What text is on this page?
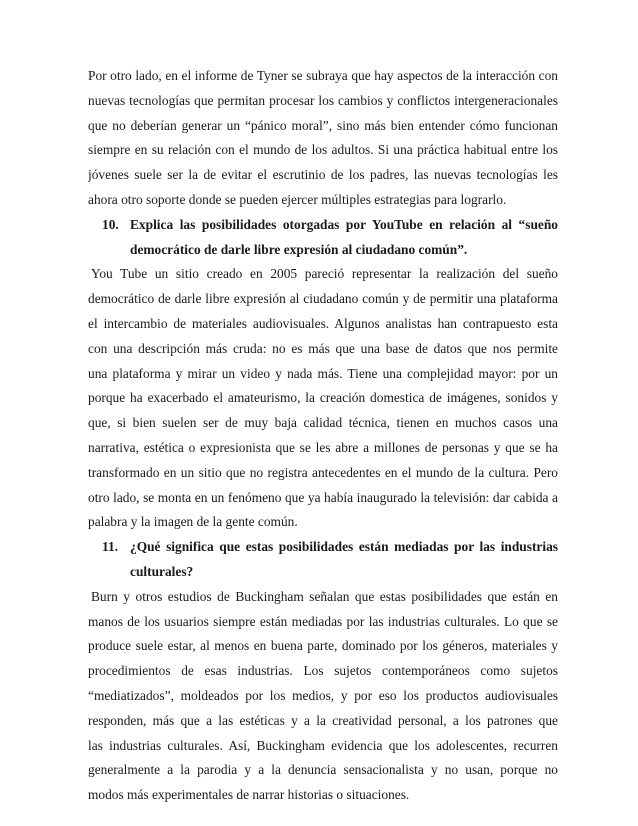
Por otro lado, en el informe de Tyner se subraya que hay aspectos de la interacción con
nuevas tecnologías que permitan procesar los cambios y conflictos intergeneracionales
que no deberían generar un “pánico moral”, sino más bien entender cómo funcionan
siempre en su relación con el mundo de los adultos. Si una práctica habitual entre los
jóvenes suele ser la de evitar el escrutinio de los padres, las nuevas tecnologías les
ahora otro soporte donde se pueden ejercer múltiples estrategias para lograrlo.
10. Explica las posibilidades otorgadas por YouTube en relación al “sueño
democrático de darle libre expresión al ciudadano común”.
You Tube un sitio creado en 2005 pareció representar la realización del sueño
democrático de darle libre expresión al ciudadano común y de permitir una plataforma
el intercambio de materiales audiovisuales. Algunos analistas han contrapuesto esta
con una descripción más cruda: no es más que una base de datos que nos permite
una plataforma y mirar un video y nada más. Tiene una complejidad mayor: por un
porque ha exacerbado el amateurismo, la creación domestica de imágenes, sonidos y
que, si bien suelen ser de muy baja calidad técnica, tienen en muchos casos una
narrativa, estética o expresionista que se les abre a millones de personas y que se ha
transformado en un sitio que no registra antecedentes en el mundo de la cultura. Pero
otro lado, se monta en un fenómeno que ya había inaugurado la televisión: dar cabida a
palabra y la imagen de la gente común.
11. ¿Qué significa que estas posibilidades están mediadas por las industrias
culturales?
Burn y otros estudios de Buckingham señalan que estas posibilidades que están en
manos de los usuarios siempre están mediadas por las industrias culturales. Lo que se
produce suele estar, al menos en buena parte, dominado por los géneros, materiales y
procedimientos de esas industrias. Los sujetos contemporáneos como sujetos
“mediatizados”, moldeados por los medios, y por eso los productos audiovisuales
responden, más que a las estéticas y a la creatividad personal, a los patrones que
las industrias culturales. Así, Buckingham evidencia que los adolescentes, recurren
generalmente a la parodia y a la denuncia sensacionalista y no usan, porque no
modos más experimentales de narrar historias o situaciones.
